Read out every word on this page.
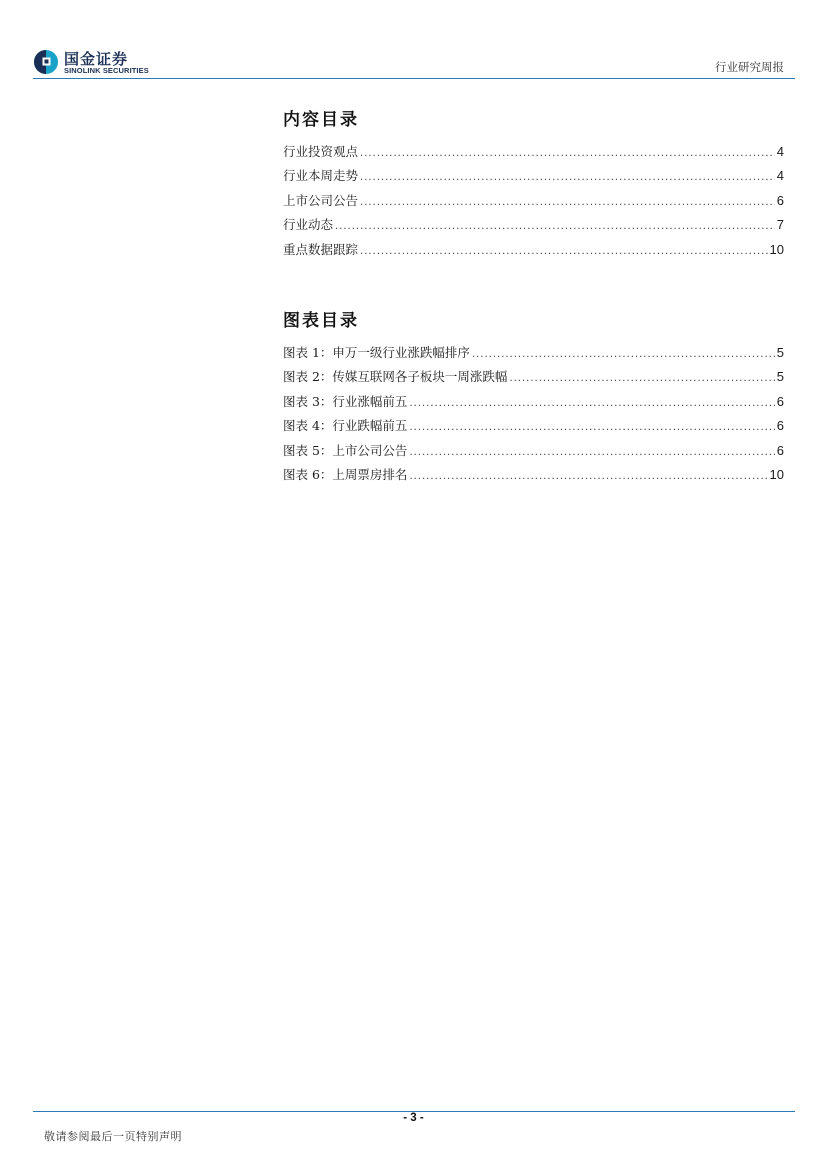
国金证券
SINOLINK SECURITIES	行业研究周报
内容目录
行业投资观点 .....	4
行业本周走势 .....	4
上市公司公告 .....	6
行业动态 .....	7
重点数据跟踪 .....	10
图表目录
图表 1：申万一级行业涨跌幅排序 .....	5
图表 2：传媒互联网各子板块一周涨跌幅 .....	5
图表 3：行业涨幅前五 .....	6
图表 4：行业跌幅前五 .....	6
图表 5：上市公司公告 .....	6
图表 6：上周票房排名 .....	10
- 3 -
敬请参阅最后一页特别声明
